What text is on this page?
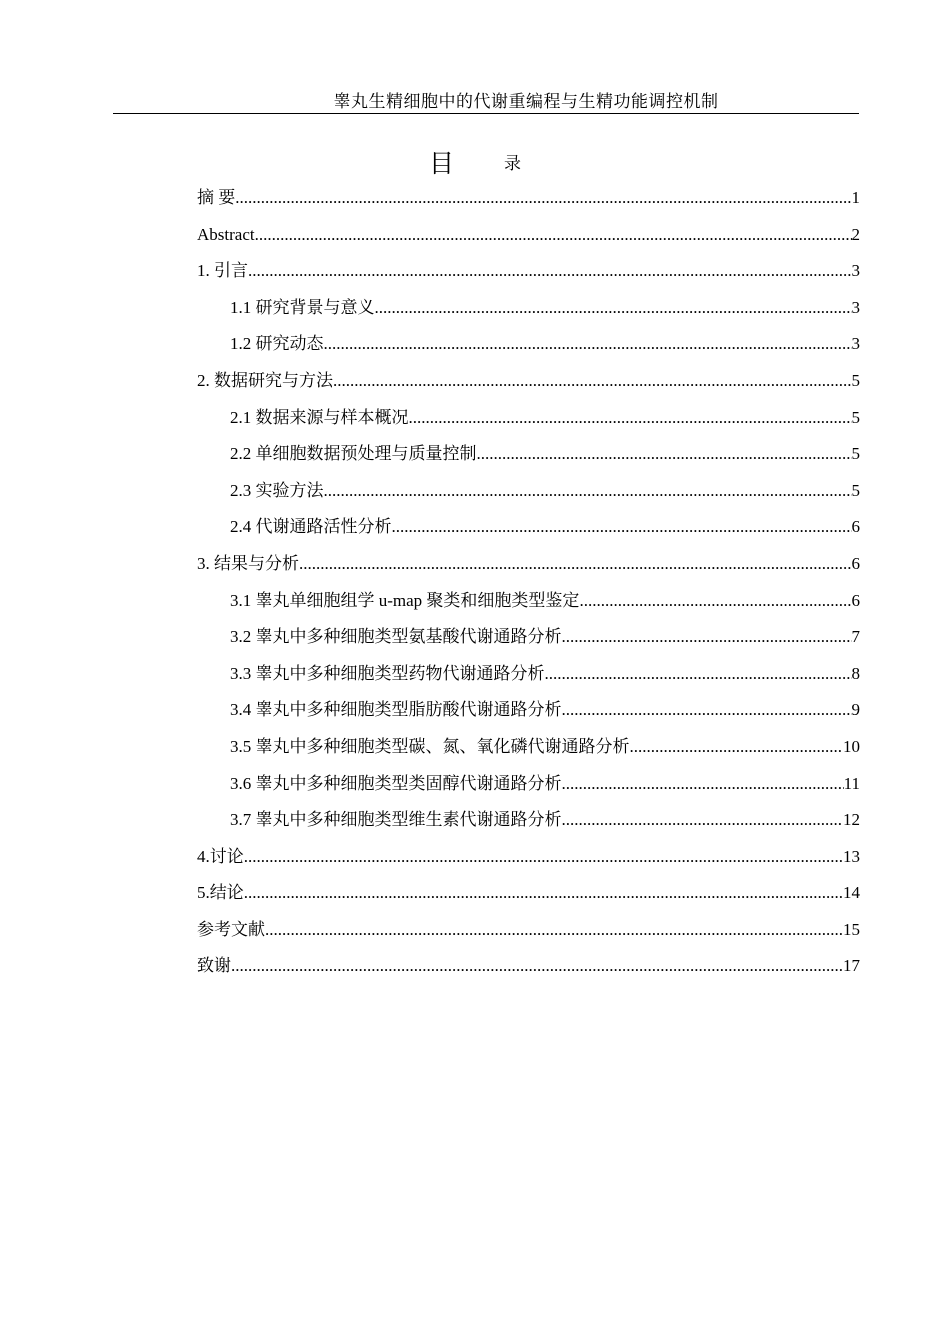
睾丸生精细胞中的代谢重编程与生精功能调控机制
目	录
摘 要 .....	1
Abstract .....	2
1. 引言 .....	3
1.1 研究背景与意义 .....	3
1.2 研究动态 .....	3
2. 数据研究与方法 .....	5
2.1 数据来源与样本概况 .....	5
2.2 单细胞数据预处理与质量控制 .....	5
2.3 实验方法 .....	5
2.4 代谢通路活性分析 .....	6
3. 结果与分析 .....	6
3.1 睾丸单细胞组学 u-map 聚类和细胞类型鉴定 .....	6
3.2 睾丸中多种细胞类型氨基酸代谢通路分析 .....	7
3.3 睾丸中多种细胞类型药物代谢通路分析 .....	8
3.4 睾丸中多种细胞类型脂肪酸代谢通路分析 .....	9
3.5 睾丸中多种细胞类型碳、氮、氧化磷代谢通路分析 .....	10
3.6 睾丸中多种细胞类型类固醇代谢通路分析 .....	11
3.7 睾丸中多种细胞类型维生素代谢通路分析 .....	12
4.讨论 .....	13
5.结论 .....	14
参考文献 .....	15
致谢 .....	17
